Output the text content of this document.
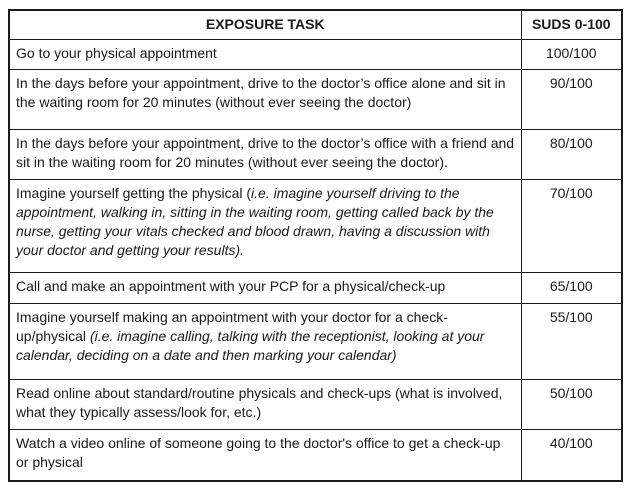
EXPOSURE TASK	SUDS 0-100
Go to your physical appointment	100/100
In the days before your appointment, drive to the doctor’s office alone and sit in the waiting room for 20 minutes (without ever seeing the doctor)	90/100
In the days before your appointment, drive to the doctor’s office with a friend and sit in the waiting room for 20 minutes (without ever seeing the doctor).	80/100
Imagine yourself getting the physical (i.e. imagine yourself driving to the appointment, walking in, sitting in the waiting room, getting called back by the nurse, getting your vitals checked and blood drawn, having a discussion with your doctor and getting your results).	70/100
Call and make an appointment with your PCP for a physical/check-up	65/100
Imagine yourself making an appointment with your doctor for a check-up/physical (i.e. imagine calling, talking with the receptionist, looking at your calendar, deciding on a date and then marking your calendar)	55/100
Read online about standard/routine physicals and check-ups (what is involved, what they typically assess/look for, etc.)	50/100
Watch a video online of someone going to the doctor's office to get a check-up or physical	40/100
